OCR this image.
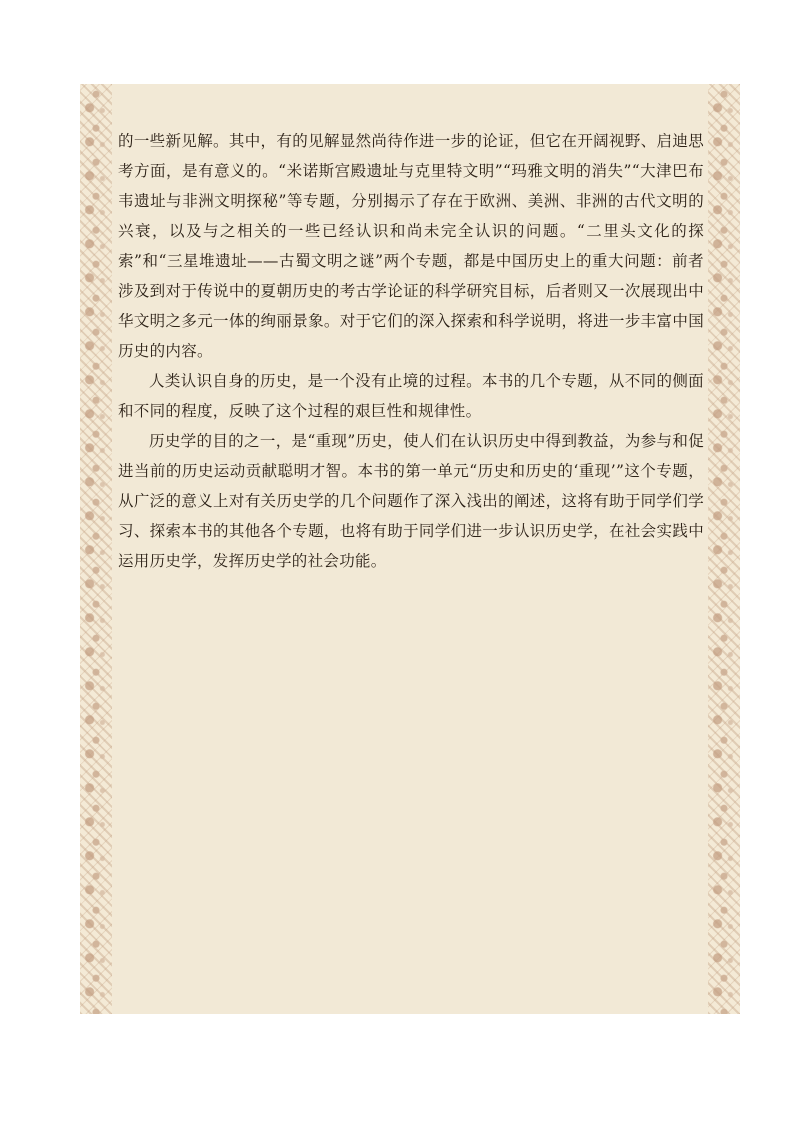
的一些新见解。其中，有的见解显然尚待作进一步的论证，但它在开阔视野、启迪思考方面，是有意义的。“米诺斯宫殿遗址与克里特文明”“玛雅文明的消失”“大津巴布韦遗址与非洲文明探秘”等专题，分别揭示了存在于欧洲、美洲、非洲的古代文明的兴衰，以及与之相关的一些已经认识和尚未完全认识的问题。“二里头文化的探索”和“三星堆遗址——古蜀文明之谜”两个专题，都是中国历史上的重大问题：前者涉及到对于传说中的夏朝历史的考古学论证的科学研究目标，后者则又一次展现出中华文明之多元一体的绚丽景象。对于它们的深入探索和科学说明，将进一步丰富中国历史的内容。

人类认识自身的历史，是一个没有止境的过程。本书的几个专题，从不同的侧面和不同的程度，反映了这个过程的艰巨性和规律性。

历史学的目的之一，是“重现”历史，使人们在认识历史中得到教益，为参与和促进当前的历史运动贡献聪明才智。本书的第一单元“历史和历史的‘重现’”这个专题，从广泛的意义上对有关历史学的几个问题作了深入浅出的阐述，这将有助于同学们学习、探索本书的其他各个专题，也将有助于同学们进一步认识历史学，在社会实践中运用历史学，发挥历史学的社会功能。
